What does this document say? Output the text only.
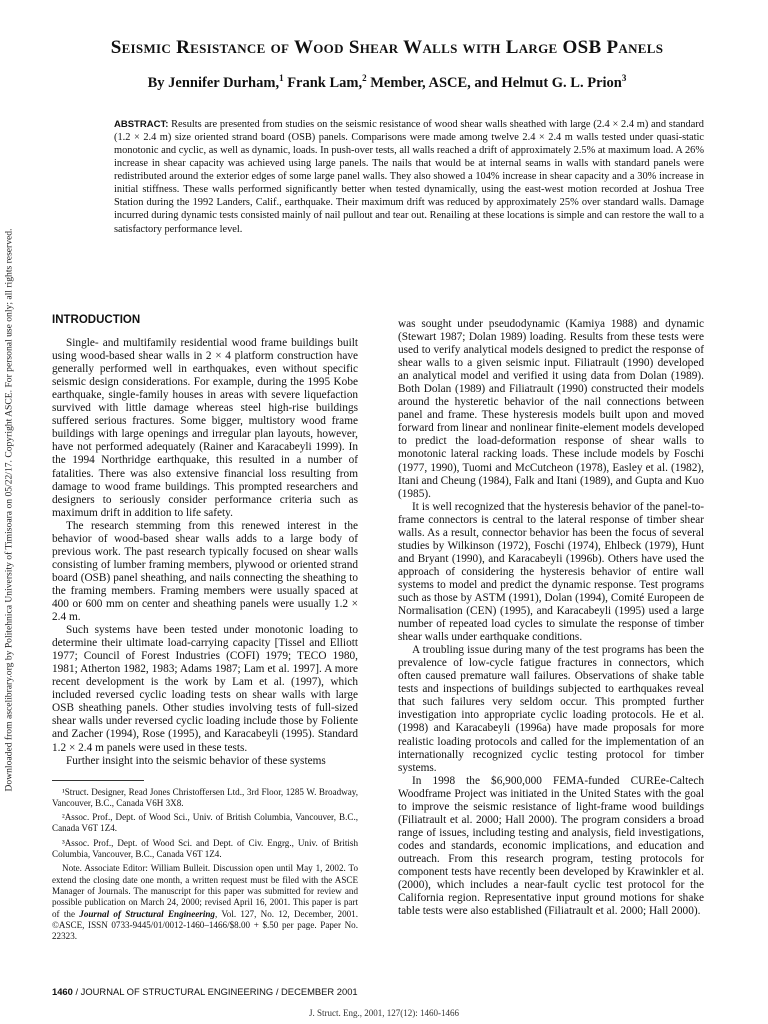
Downloaded from ascelibrary.org by Politehnica University of Timisoara on 05/22/17. Copyright ASCE. For personal use only; all rights reserved.
Seismic Resistance of Wood Shear Walls with Large OSB Panels
By Jennifer Durham,$^1$ Frank Lam,$^2$ Member, ASCE, and Helmut G. L. Prion$^3$
ABSTRACT: Results are presented from studies on the seismic resistance of wood shear walls sheathed with large (2.4 × 2.4 m) and standard (1.2 × 2.4 m) size oriented strand board (OSB) panels. Comparisons were made among twelve 2.4 × 2.4 m walls tested under quasi-static monotonic and cyclic, as well as dynamic, loads. In push-over tests, all walls reached a drift of approximately 2.5% at maximum load. A 26% increase in shear capacity was achieved using large panels. The nails that would be at internal seams in walls with standard panels were redistributed around the exterior edges of some large panel walls. They also showed a 104% increase in shear capacity and a 30% increase in initial stiffness. These walls performed significantly better when tested dynamically, using the east-west motion recorded at Joshua Tree Station during the 1992 Landers, Calif., earthquake. Their maximum drift was reduced by approximately 25% over standard walls. Damage incurred during dynamic tests consisted mainly of nail pullout and tear out. Renailing at these locations is simple and can restore the wall to a satisfactory performance level.
INTRODUCTION

Single- and multifamily residential wood frame buildings built using wood-based shear walls in 2 × 4 platform construction have generally performed well in earthquakes, even without specific seismic design considerations. For example, during the 1995 Kobe earthquake, single-family houses in areas with severe liquefaction survived with little damage whereas steel high-rise buildings suffered serious fractures. Some bigger, multistory wood frame buildings with large openings and irregular plan layouts, however, have not performed adequately (Rainer and Karacabeyli 1999). In the 1994 Northridge earthquake, this resulted in a number of fatalities. There was also extensive financial loss resulting from damage to wood frame buildings. This prompted researchers and designers to seriously consider performance criteria such as maximum drift in addition to life safety.

The research stemming from this renewed interest in the behavior of wood-based shear walls adds to a large body of previous work. The past research typically focused on shear walls consisting of lumber framing members, plywood or oriented strand board (OSB) panel sheathing, and nails connecting the sheathing to the framing members. Framing members were usually spaced at 400 or 600 mm on center and sheathing panels were usually 1.2 × 2.4 m.

Such systems have been tested under monotonic loading to determine their ultimate load-carrying capacity [Tissel and Elliott 1977; Council of Forest Industries (COFI) 1979; TECO 1980, 1981; Atherton 1982, 1983; Adams 1987; Lam et al. 1997]. A more recent development is the work by Lam et al. (1997), which included reversed cyclic loading tests on shear walls with large OSB sheathing panels. Other studies involving tests of full-sized shear walls under reversed cyclic loading include those by Foliente and Zacher (1994), Rose (1995), and Karacabeyli (1995). Standard 1.2 × 2.4 m panels were used in these tests.

Further insight into the seismic behavior of these systems

¹Struct. Designer, Read Jones Christoffersen Ltd., 3rd Floor, 1285 W. Broadway, Vancouver, B.C., Canada V6H 3X8.

²Assoc. Prof., Dept. of Wood Sci., Univ. of British Columbia, Vancouver, B.C., Canada V6T 1Z4.

³Assoc. Prof., Dept. of Wood Sci. and Dept. of Civ. Engrg., Univ. of British Columbia, Vancouver, B.C., Canada V6T 1Z4.

Note. Associate Editor: William Bulleit. Discussion open until May 1, 2002. To extend the closing date one month, a written request must be filed with the ASCE Manager of Journals. The manuscript for this paper was submitted for review and possible publication on March 24, 2000; revised April 16, 2001. This paper is part of the Journal of Structural Engineering, Vol. 127, No. 12, December, 2001. ©ASCE, ISSN 0733-9445/01/0012-1460–1466/$8.00 + $.50 per page. Paper No. 22323.

was sought under pseudodynamic (Kamiya 1988) and dynamic (Stewart 1987; Dolan 1989) loading. Results from these tests were used to verify analytical models designed to predict the response of shear walls to a given seismic input. Filiatrault (1990) developed an analytical model and verified it using data from Dolan (1989). Both Dolan (1989) and Filiatrault (1990) constructed their models around the hysteretic behavior of the nail connections between panel and frame. These hysteresis models built upon and moved forward from linear and nonlinear finite-element models developed to predict the load-deformation response of shear walls to monotonic lateral racking loads. These include models by Foschi (1977, 1990), Tuomi and McCutcheon (1978), Easley et al. (1982), Itani and Cheung (1984), Falk and Itani (1989), and Gupta and Kuo (1985).

It is well recognized that the hysteresis behavior of the panel-to-frame connectors is central to the lateral response of timber shear walls. As a result, connector behavior has been the focus of several studies by Wilkinson (1972), Foschi (1974), Ehlbeck (1979), Hunt and Bryant (1990), and Karacabeyli (1996b). Others have used the approach of considering the hysteresis behavior of entire wall systems to model and predict the dynamic response. Test programs such as those by ASTM (1991), Dolan (1994), Comité Europeen de Normalisation (CEN) (1995), and Karacabeyli (1995) used a large number of repeated load cycles to simulate the response of timber shear walls under earthquake conditions.

A troubling issue during many of the test programs has been the prevalence of low-cycle fatigue fractures in connectors, which often caused premature wall failures. Observations of shake table tests and inspections of buildings subjected to earthquakes reveal that such failures very seldom occur. This prompted further investigation into appropriate cyclic loading protocols. He et al. (1998) and Karacabeyli (1996a) have made proposals for more realistic loading protocols and called for the implementation of an internationally recognized cyclic testing protocol for timber systems.

In 1998 the $6,900,000 FEMA-funded CUREe-Caltech Woodframe Project was initiated in the United States with the goal to improve the seismic resistance of light-frame wood buildings (Filiatrault et al. 2000; Hall 2000). The program considers a broad range of issues, including testing and analysis, field investigations, codes and standards, economic implications, and education and outreach. From this research program, testing protocols for component tests have recently been developed by Krawinkler et al. (2000), which includes a near-fault cyclic test protocol for the California region. Representative input ground motions for shake table tests were also established (Filiatrault et al. 2000; Hall 2000).

1460 / JOURNAL OF STRUCTURAL ENGINEERING / DECEMBER 2001
J. Struct. Eng., 2001, 127(12): 1460-1466
